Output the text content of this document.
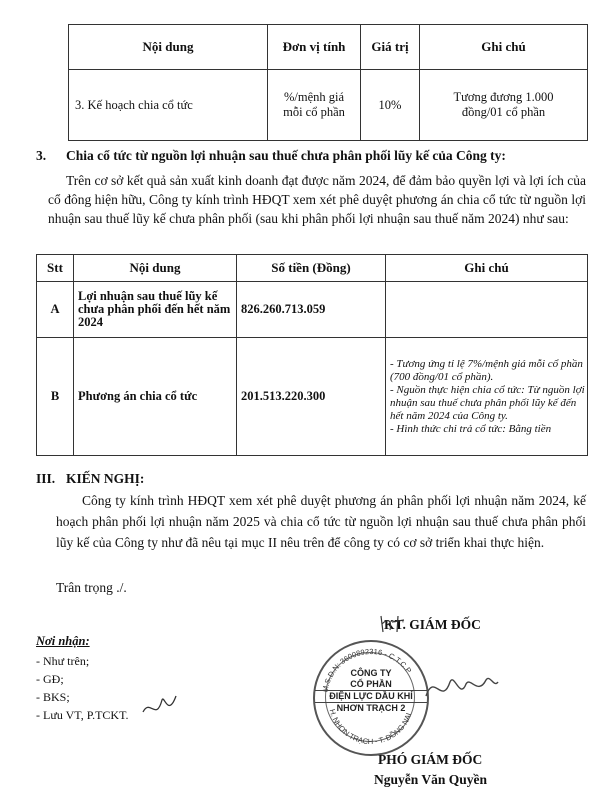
Nội dung	Đơn vị tính	Giá trị	Ghi chú
3. Kế hoạch chia cổ tức	%/mệnh giá mỗi cổ phần	10%	Tương đương 1.000 đồng/01 cổ phần
3. Chia cổ tức từ nguồn lợi nhuận sau thuế chưa phân phối lũy kế của Công ty:
Trên cơ sở kết quả sản xuất kinh doanh đạt được năm 2024, để đảm bảo quyền lợi và lợi ích của cổ đông hiện hữu, Công ty kính trình HĐQT xem xét phê duyệt phương án chia cổ tức từ nguồn lợi nhuận sau thuế lũy kế chưa phân phối (sau khi phân phối lợi nhuận sau thuế năm 2024) như sau:
Stt	Nội dung	Số tiền (Đồng)	Ghi chú
A	Lợi nhuận sau thuế lũy kế chưa phân phối đến hết năm 2024	826.260.713.059	
B	Phương án chia cổ tức	201.513.220.300	- Tương ứng tỉ lệ 7%/mệnh giá mỗi cổ phần (700 đồng/01 cổ phần).
- Nguồn thực hiện chia cổ tức: Từ nguồn lợi nhuận sau thuế chưa phân phối lũy kế đến hết năm 2024 của Công ty.
- Hình thức chi trả cổ tức: Bằng tiền
III. KIẾN NGHỊ:
Công ty kính trình HĐQT xem xét phê duyệt phương án phân phối lợi nhuận năm 2024, kế hoạch phân phối lợi nhuận năm 2025 và chia cổ tức từ nguồn lợi nhuận sau thuế chưa phân phối lũy kế của Công ty như đã nêu tại mục II nêu trên để công ty có cơ sở triển khai thực hiện.
Trân trọng ./.
Nơi nhận:
- Như trên;
- GĐ;
- BKS;
- Lưu VT, P.TCKT.
KT. GIÁM ĐỐC
M.S.D.N: 3600892316 - C.T.C.P
H. NHƠN TRẠCH - T. ĐỒNG NAI
CÔNG TY
CỔ PHẦN
ĐIỆN LỰC DẦU KHÍ
NHƠN TRẠCH 2
PHÓ GIÁM ĐỐC
Nguyễn Văn Quyền
